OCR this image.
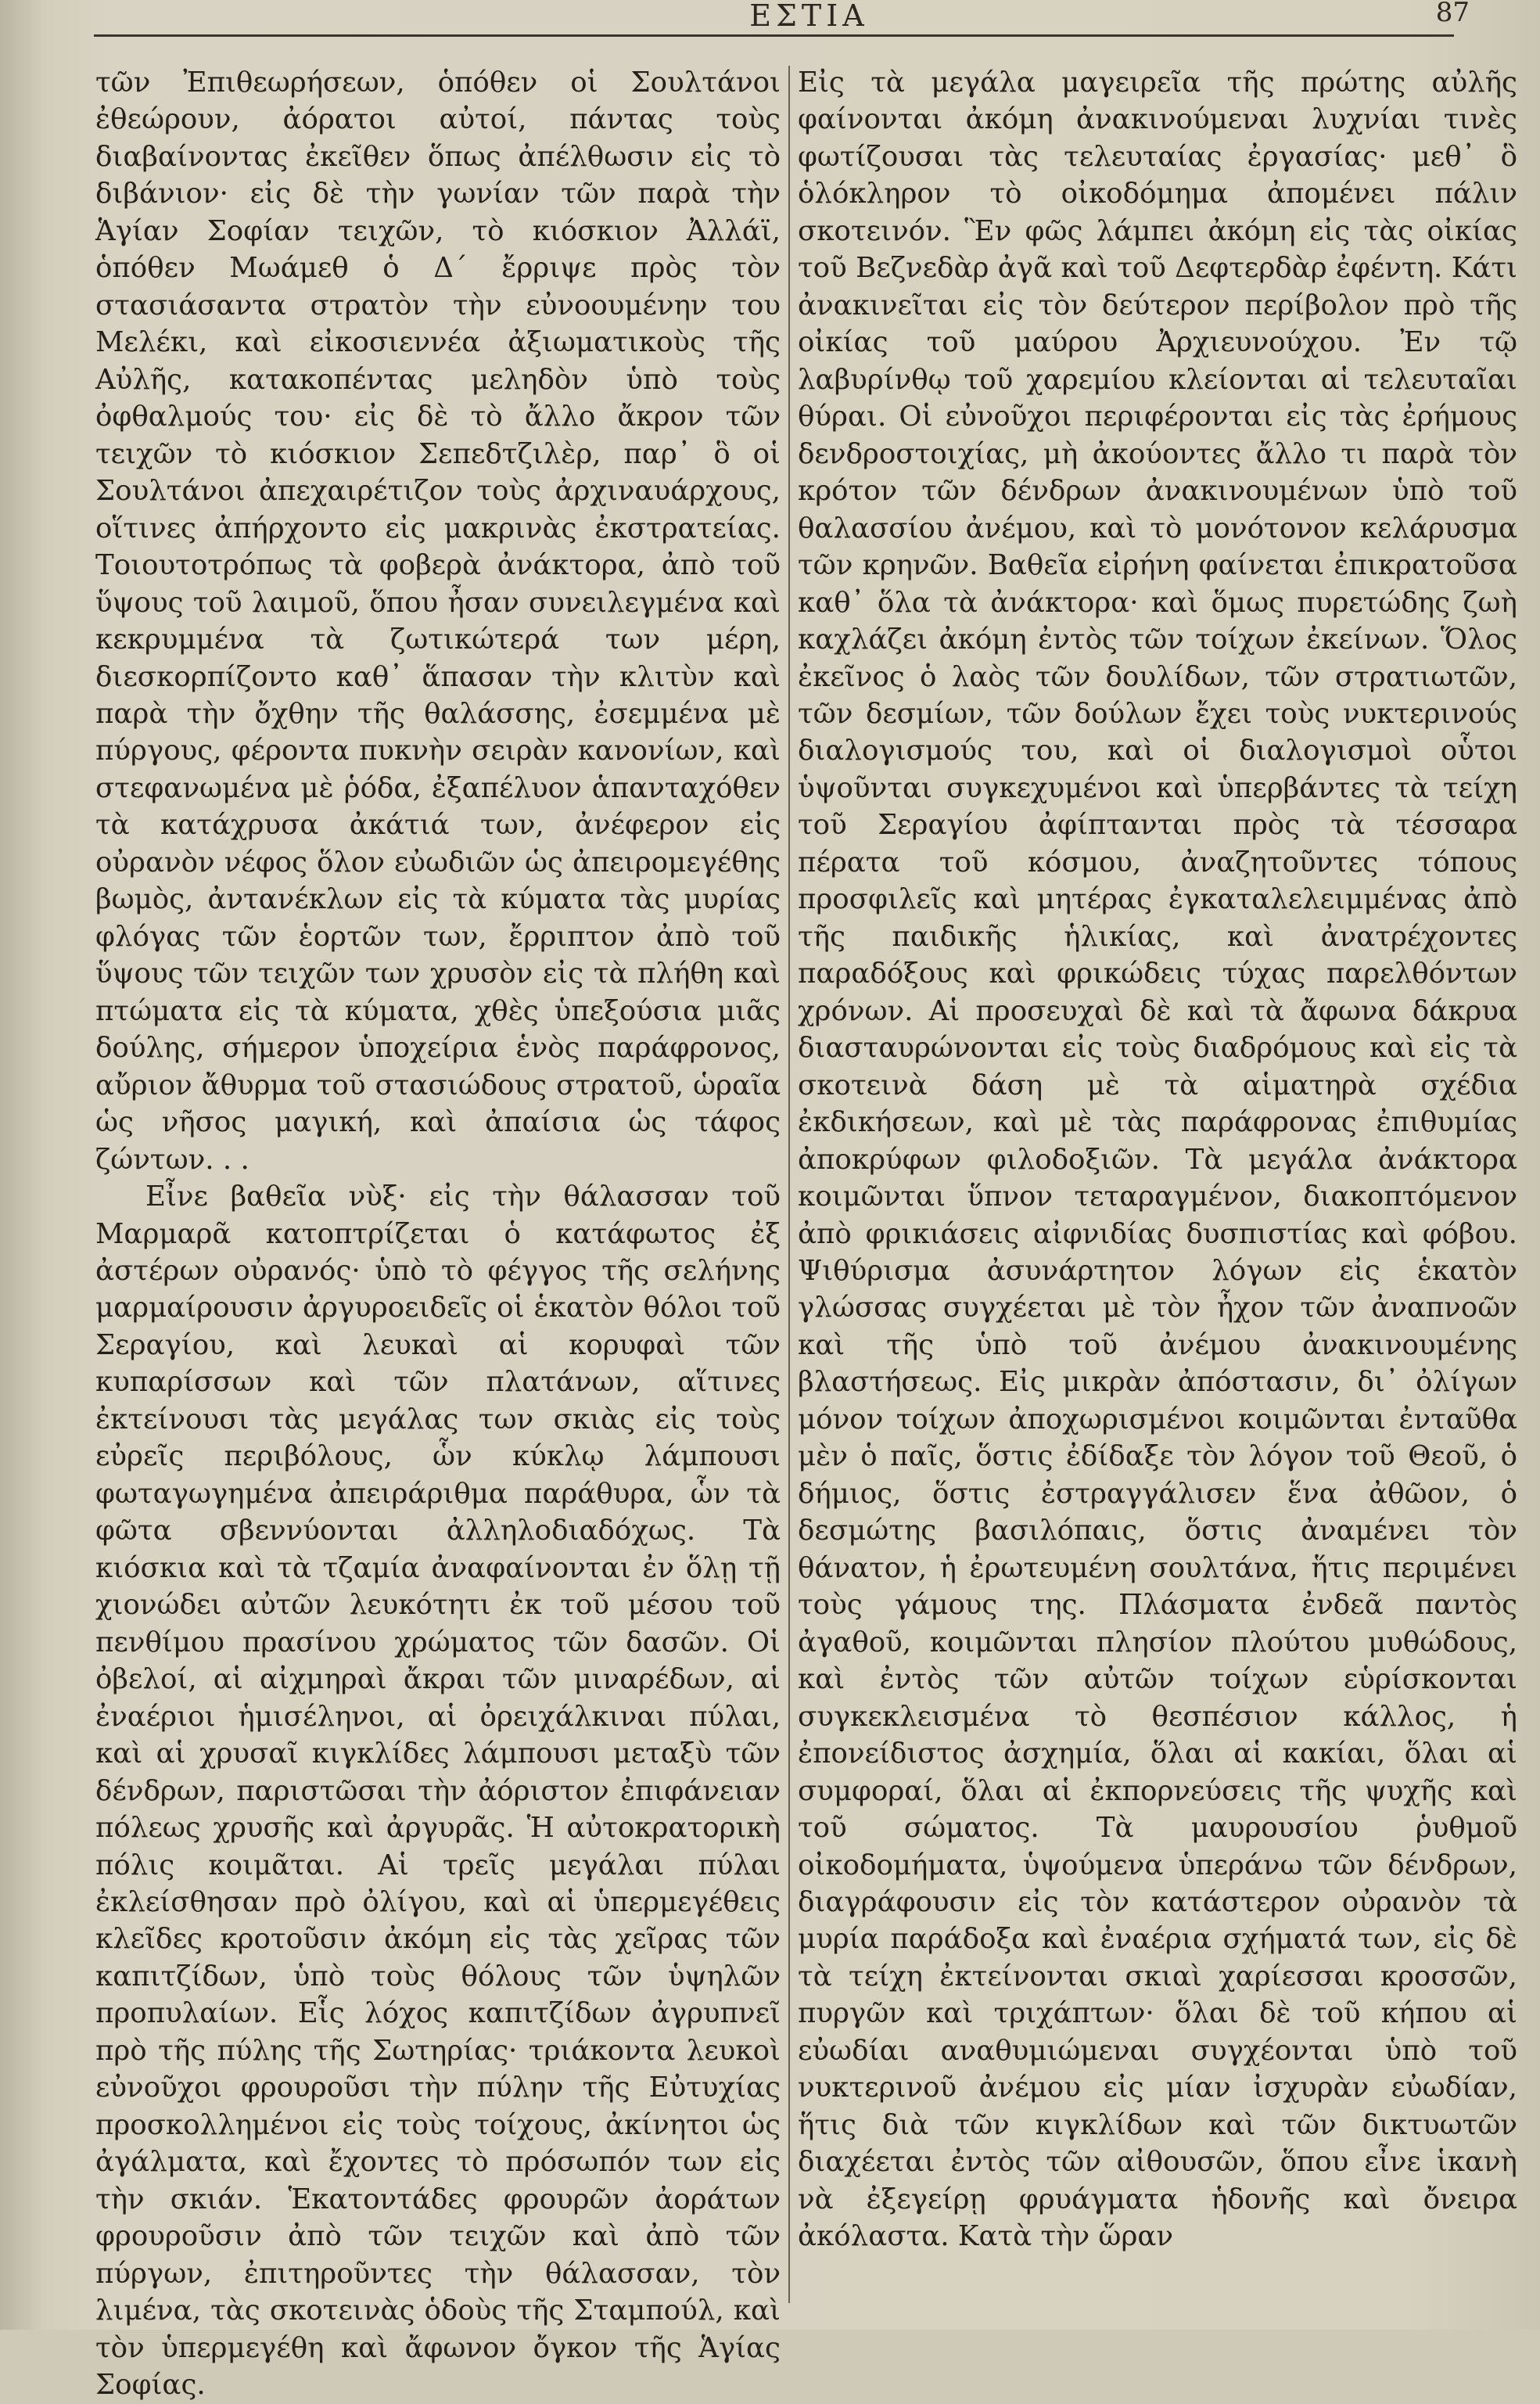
ΕΣΤΙΑ	87

τῶν Ἐπιθεωρήσεων, ὁπόθεν οἱ Σουλτάνοι ἐθεώρουν, ἀόρατοι αὐτοί, πάντας τοὺς διαβαίνοντας ἐκεῖθεν ὅπως ἀπέλθωσιν εἰς τὸ διβάνιον· εἰς δὲ τὴν γωνίαν τῶν παρὰ τὴν Ἁγίαν Σοφίαν τειχῶν, τὸ κιόσκιον Ἀλλάϊ, ὁπόθεν Μωάμεθ ὁ Δ΄ ἔρριψε πρὸς τὸν στασιάσαντα στρατὸν τὴν εὐνοουμένην του Μελέκι, καὶ εἰκοσιεννέα ἀξιωματικοὺς τῆς Αὐλῆς, κατακοπέντας μεληδὸν ὑπὸ τοὺς ὀφθαλμούς του· εἰς δὲ τὸ ἄλλο ἄκρον τῶν τειχῶν τὸ κιόσκιον Σεπεδτζιλὲρ, παρ᾽ ὃ οἱ Σουλτάνοι ἀπεχαιρέτιζον τοὺς ἀρχιναυάρχους, οἵτινες ἀπήρχοντο εἰς μακρινὰς ἐκστρατείας. Τοιουτοτρόπως τὰ φοβερὰ ἀνάκτορα, ἀπὸ τοῦ ὕψους τοῦ λαιμοῦ, ὅπου ἦσαν συνειλεγμένα καὶ κεκρυμμένα τὰ ζωτικώτερά των μέρη, διεσκορπίζοντο καθ᾽ ἅπασαν τὴν κλιτὺν καὶ παρὰ τὴν ὄχθην τῆς θαλάσσης, ἐσεμμένα μὲ πύργους, φέροντα πυκνὴν σειρὰν κανονίων, καὶ στεφανωμένα μὲ ῥόδα, ἐξαπέλυον ἁπανταχόθεν τὰ κατάχρυσα ἀκάτιά των, ἀνέφερον εἰς οὐρανὸν νέφος ὅλον εὐωδιῶν ὡς ἀπειρομεγέθης βωμὸς, ἀντανέκλων εἰς τὰ κύματα τὰς μυρίας φλόγας τῶν ἑορτῶν των, ἔρριπτον ἀπὸ τοῦ ὕψους τῶν τειχῶν των χρυσὸν εἰς τὰ πλήθη καὶ πτώματα εἰς τὰ κύματα, χθὲς ὑπεξούσια μιᾶς δούλης, σήμερον ὑποχείρια ἑνὸς παράφρονος, αὔριον ἄθυρμα τοῦ στασιώδους στρατοῦ, ὡραῖα ὡς νῆσος μαγική, καὶ ἀπαίσια ὡς τάφος ζώντων. . .

Εἶνε βαθεῖα νὺξ· εἰς τὴν θάλασσαν τοῦ Μαρμαρᾶ κατοπτρίζεται ὁ κατάφωτος ἐξ ἀστέρων οὐρανός· ὑπὸ τὸ φέγγος τῆς σελήνης μαρμαίρουσιν ἀργυροειδεῖς οἱ ἑκατὸν θόλοι τοῦ Σεραγίου, καὶ λευκαὶ αἱ κορυφαὶ τῶν κυπαρίσσων καὶ τῶν πλατάνων, αἵτινες ἐκτείνουσι τὰς μεγάλας των σκιὰς εἰς τοὺς εὐρεῖς περιβόλους, ὧν κύκλῳ λάμπουσι φωταγωγημένα ἀπειράριθμα παράθυρα, ὧν τὰ φῶτα σβεννύονται ἀλληλοδιαδόχως. Τὰ κιόσκια καὶ τὰ τζαμία ἀναφαίνονται ἐν ὅλῃ τῇ χιονώδει αὐτῶν λευκότητι ἐκ τοῦ μέσου τοῦ πενθίμου πρασίνου χρώματος τῶν δασῶν. Οἱ ὀβελοί, αἱ αἰχμηραὶ ἄκραι τῶν μιναρέδων, αἱ ἐναέριοι ἡμισέληνοι, αἱ ὀρειχάλκιναι πύλαι, καὶ αἱ χρυσαῖ κιγκλίδες λάμπουσι μεταξὺ τῶν δένδρων, παριστῶσαι τὴν ἀόριστον ἐπιφάνειαν πόλεως χρυσῆς καὶ ἀργυρᾶς. Ἡ αὐτοκρατορικὴ πόλις κοιμᾶται. Αἱ τρεῖς μεγάλαι πύλαι ἐκλείσθησαν πρὸ ὀλίγου, καὶ αἱ ὑπερμεγέθεις κλεῖδες κροτοῦσιν ἀκόμη εἰς τὰς χεῖρας τῶν καπιτζίδων, ὑπὸ τοὺς θόλους τῶν ὑψηλῶν προπυλαίων. Εἷς λόχος καπιτζίδων ἀγρυπνεῖ πρὸ τῆς πύλης τῆς Σωτηρίας· τριάκοντα λευκοὶ εὐνοῦχοι φρουροῦσι τὴν πύλην τῆς Εὐτυχίας προσκολλημένοι εἰς τοὺς τοίχους, ἀκίνητοι ὡς ἀγάλματα, καὶ ἔχοντες τὸ πρόσωπόν των εἰς τὴν σκιάν. Ἑκατοντάδες φρουρῶν ἀοράτων φρουροῦσιν ἀπὸ τῶν τειχῶν καὶ ἀπὸ τῶν πύργων, ἐπιτηροῦντες τὴν θάλασσαν, τὸν λιμένα, τὰς σκοτεινὰς ὁδοὺς τῆς Σταμπούλ, καὶ τὸν ὑπερμεγέθη καὶ ἄφωνον ὄγκον τῆς Ἁγίας Σοφίας.

Εἰς τὰ μεγάλα μαγειρεῖα τῆς πρώτης αὐλῆς φαίνονται ἀκόμη ἀνακινούμεναι λυχνίαι τινὲς φωτίζουσαι τὰς τελευταίας ἐργασίας· μεθ᾽ ὃ ὁλόκληρον τὸ οἰκοδόμημα ἀπομένει πάλιν σκοτεινόν. Ἓν φῶς λάμπει ἀκόμη εἰς τὰς οἰκίας τοῦ Βεζνεδὰρ ἀγᾶ καὶ τοῦ Δεφτερδὰρ ἐφέντη. Κάτι ἀνακινεῖται εἰς τὸν δεύτερον περίβολον πρὸ τῆς οἰκίας τοῦ μαύρου Ἀρχιευνούχου. Ἐν τῷ λαβυρίνθῳ τοῦ χαρεμίου κλείονται αἱ τελευταῖαι θύραι. Οἱ εὐνοῦχοι περιφέρονται εἰς τὰς ἐρήμους δενδροστοιχίας, μὴ ἀκούοντες ἄλλο τι παρὰ τὸν κρότον τῶν δένδρων ἀνακινουμένων ὑπὸ τοῦ θαλασσίου ἀνέμου, καὶ τὸ μονότονον κελάρυσμα τῶν κρηνῶν. Βαθεῖα εἰρήνη φαίνεται ἐπικρατοῦσα καθ᾽ ὅλα τὰ ἀνάκτορα· καὶ ὅμως πυρετώδης ζωὴ καχλάζει ἀκόμη ἐντὸς τῶν τοίχων ἐκείνων. Ὅλος ἐκεῖνος ὁ λαὸς τῶν δουλίδων, τῶν στρατιωτῶν, τῶν δεσμίων, τῶν δούλων ἔχει τοὺς νυκτερινούς διαλογισμούς του, καὶ οἱ διαλογισμοὶ οὗτοι ὑψοῦνται συγκεχυμένοι καὶ ὑπερβάντες τὰ τείχη τοῦ Σεραγίου ἀφίπτανται πρὸς τὰ τέσσαρα πέρατα τοῦ κόσμου, ἀναζητοῦντες τόπους προσφιλεῖς καὶ μητέρας ἐγκαταλελειμμένας ἀπὸ τῆς παιδικῆς ἡλικίας, καὶ ἀνατρέχοντες παραδόξους καὶ φρικώδεις τύχας παρελθόντων χρόνων. Αἱ προσευχαὶ δὲ καὶ τὰ ἄφωνα δάκρυα διασταυρώνονται εἰς τοὺς διαδρόμους καὶ εἰς τὰ σκοτεινὰ δάση μὲ τὰ αἱματηρὰ σχέδια ἐκδικήσεων, καὶ μὲ τὰς παράφρονας ἐπιθυμίας ἀποκρύφων φιλοδοξιῶν. Τὰ μεγάλα ἀνάκτορα κοιμῶνται ὕπνον τεταραγμένον, διακοπτόμενον ἀπὸ φρικιάσεις αἰφνιδίας δυσπιστίας καὶ φόβου. Ψιθύρισμα ἀσυνάρτητον λόγων εἰς ἑκατὸν γλώσσας συγχέεται μὲ τὸν ἦχον τῶν ἀναπνοῶν καὶ τῆς ὑπὸ τοῦ ἀνέμου ἀνακινουμένης βλαστήσεως. Εἰς μικρὰν ἀπόστασιν, δι᾽ ὀλίγων μόνον τοίχων ἀποχωρισμένοι κοιμῶνται ἐνταῦθα μὲν ὁ παῖς, ὅστις ἐδίδαξε τὸν λόγον τοῦ Θεοῦ, ὁ δήμιος, ὅστις ἐστραγγάλισεν ἕνα ἀθῶον, ὁ δεσμώτης βασιλόπαις, ὅστις ἀναμένει τὸν θάνατον, ἡ ἐρωτευμένη σουλτάνα, ἥτις περιμένει τοὺς γάμους της. Πλάσματα ἐνδεᾶ παντὸς ἀγαθοῦ, κοιμῶνται πλησίον πλούτου μυθώδους, καὶ ἐντὸς τῶν αὐτῶν τοίχων εὑρίσκονται συγκεκλεισμένα τὸ θεσπέσιον κάλλος, ἡ ἐπονείδιστος ἀσχημία, ὅλαι αἱ κακίαι, ὅλαι αἱ συμφοραί, ὅλαι αἱ ἐκπορνεύσεις τῆς ψυχῆς καὶ τοῦ σώματος. Τὰ μαυρουσίου ῥυθμοῦ οἰκοδομήματα, ὑψούμενα ὑπεράνω τῶν δένδρων, διαγράφουσιν εἰς τὸν κατάστερον οὐρανὸν τὰ μυρία παράδοξα καὶ ἐναέρια σχήματά των, εἰς δὲ τὰ τείχη ἐκτείνονται σκιαὶ χαρίεσσαι κροσσῶν, πυργῶν καὶ τριχάπτων· ὅλαι δὲ τοῦ κήπου αἱ εὐωδίαι αναθυμιώμεναι συγχέονται ὑπὸ τοῦ νυκτερινοῦ ἀνέμου εἰς μίαν ἰσχυρὰν εὐωδίαν, ἥτις διὰ τῶν κιγκλίδων καὶ τῶν δικτυωτῶν διαχέεται ἐντὸς τῶν αἰθουσῶν, ὅπου εἶνε ἱκανὴ νὰ ἐξεγείρῃ φρυάγματα ἡδονῆς καὶ ὄνειρα ἀκόλαστα. Κατὰ τὴν ὥραν
